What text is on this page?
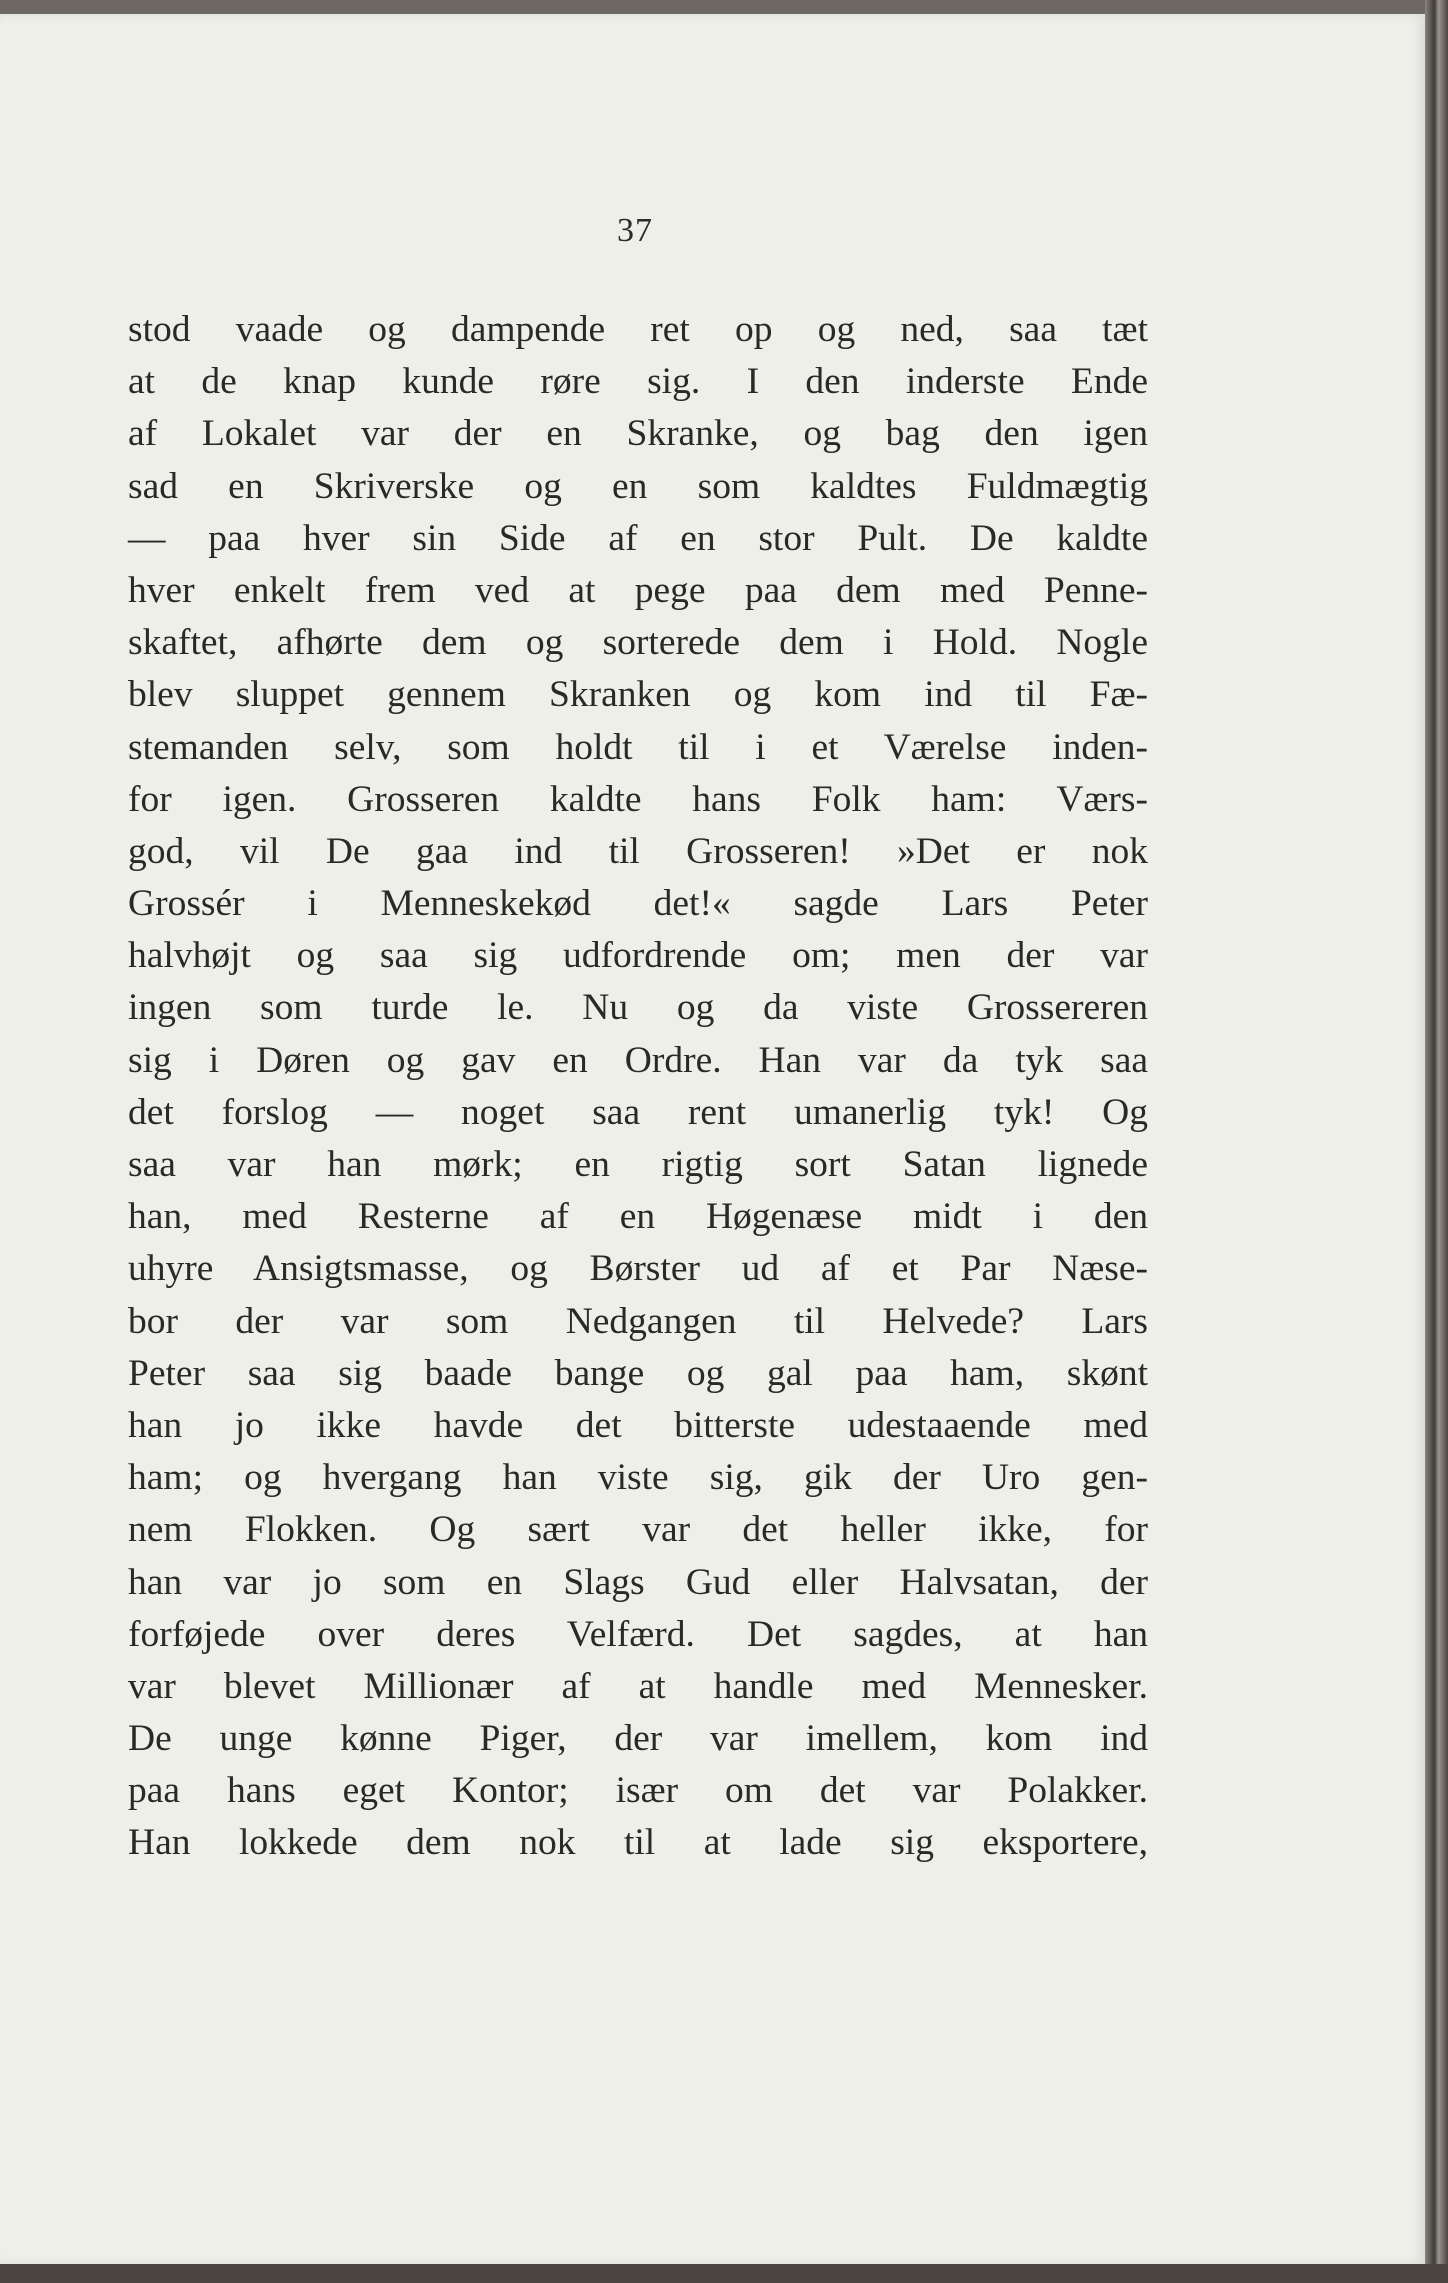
37
stod vaade og dampende ret op og ned, saa tæt
at de knap kunde røre sig. I den inderste Ende
af Lokalet var der en Skranke, og bag den igen
sad en Skriverske og en som kaldtes Fuldmægtig
— paa hver sin Side af en stor Pult. De kaldte
hver enkelt frem ved at pege paa dem med Penne-
skaftet, afhørte dem og sorterede dem i Hold. Nogle
blev sluppet gennem Skranken og kom ind til Fæ-
stemanden selv, som holdt til i et Værelse inden-
for igen. Grosseren kaldte hans Folk ham: Værs-
god, vil De gaa ind til Grosseren! »Det er nok
Grossér i Menneskekød det!« sagde Lars Peter
halvhøjt og saa sig udfordrende om; men der var
ingen som turde le. Nu og da viste Grossereren
sig i Døren og gav en Ordre. Han var da tyk saa
det forslog — noget saa rent umanerlig tyk! Og
saa var han mørk; en rigtig sort Satan lignede
han, med Resterne af en Høgenæse midt i den
uhyre Ansigtsmasse, og Børster ud af et Par Næse-
bor der var som Nedgangen til Helvede? Lars
Peter saa sig baade bange og gal paa ham, skønt
han jo ikke havde det bitterste udestaaende med
ham; og hvergang han viste sig, gik der Uro gen-
nem Flokken. Og sært var det heller ikke, for
han var jo som en Slags Gud eller Halvsatan, der
forføjede over deres Velfærd. Det sagdes, at han
var blevet Millionær af at handle med Mennesker.
De unge kønne Piger, der var imellem, kom ind
paa hans eget Kontor; især om det var Polakker.
Han lokkede dem nok til at lade sig eksportere,
